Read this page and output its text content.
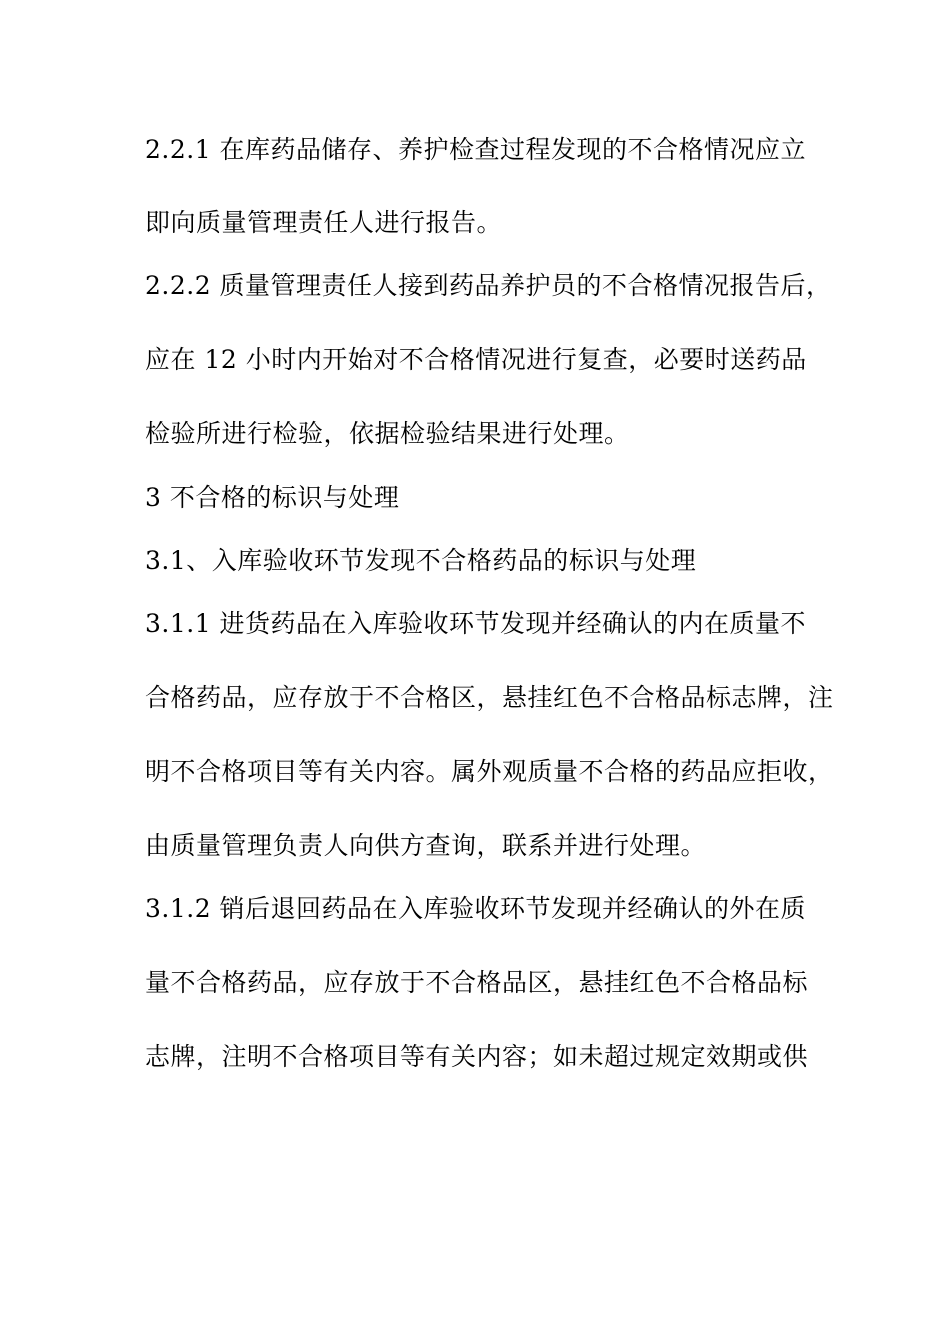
2.2.1 在库药品储存、养护检查过程发现的不合格情况应立
即向质量管理责任人进行报告。
2.2.2 质量管理责任人接到药品养护员的不合格情况报告后，
应在 12 小时内开始对不合格情况进行复查，必要时送药品
检验所进行检验，依据检验结果进行处理。
3 不合格的标识与处理
3.1、入库验收环节发现不合格药品的标识与处理
3.1.1 进货药品在入库验收环节发现并经确认的内在质量不
合格药品，应存放于不合格区，悬挂红色不合格品标志牌，注
明不合格项目等有关内容。属外观质量不合格的药品应拒收，
由质量管理负责人向供方查询，联系并进行处理。
3.1.2 销后退回药品在入库验收环节发现并经确认的外在质
量不合格药品，应存放于不合格品区，悬挂红色不合格品标
志牌，注明不合格项目等有关内容；如未超过规定效期或供
